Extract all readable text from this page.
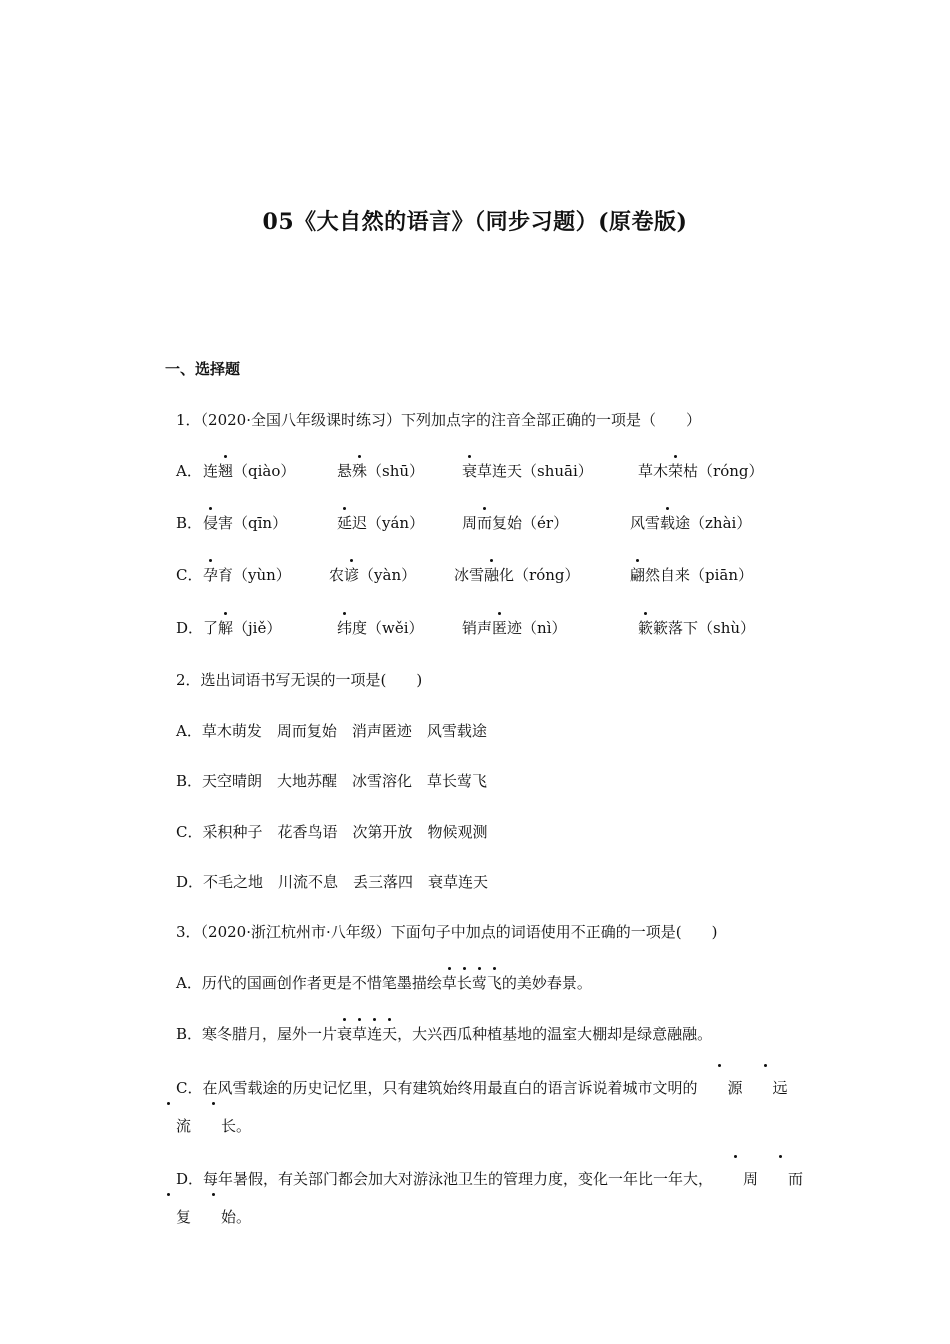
05《大自然的语言》（同步习题）(原卷版)
一、选择题
1．（2020·全国八年级课时练习）下列加点字的注音全部正确的一项是（　　）
A． 连翘（qiào）	悬殊（shū）	衰草连天（shuāi）	草木荣枯（róng）
B． 侵害（qīn）	延迟（yán）	周而复始（ér）	风雪载途（zhài）
C． 孕育（yùn）	农谚（yàn）	冰雪融化（róng）	翩然自来（piān）
D． 了解（jiě）	纬度（wěi）	销声匿迹（nì）	簌簌落下（shù）
2．选出词语书写无误的一项是(　　)
A．草木萌发　周而复始　消声匿迹　风雪载途
B．天空晴朗　大地苏醒　冰雪溶化　草长莺飞
C．采积种子　花香鸟语　次第开放　物候观测
D．不毛之地　川流不息　丢三落四　衰草连天
3．（2020·浙江杭州市·八年级）下面句子中加点的词语使用不正确的一项是(　　)
A．历代的国画创作者更是不惜笔墨描绘草长莺飞的美妙春景。
B．寒冬腊月，屋外一片衰草连天，大兴西瓜种植基地的温室大棚却是绿意融融。
C．在风雪载途的历史记忆里，只有建筑始终用最直白的语言诉说着城市文明的 源 远流 长。
D．每年暑假，有关部门都会加大对游泳池卫生的管理力度，变化一年比一年大， 周 而复 始。
